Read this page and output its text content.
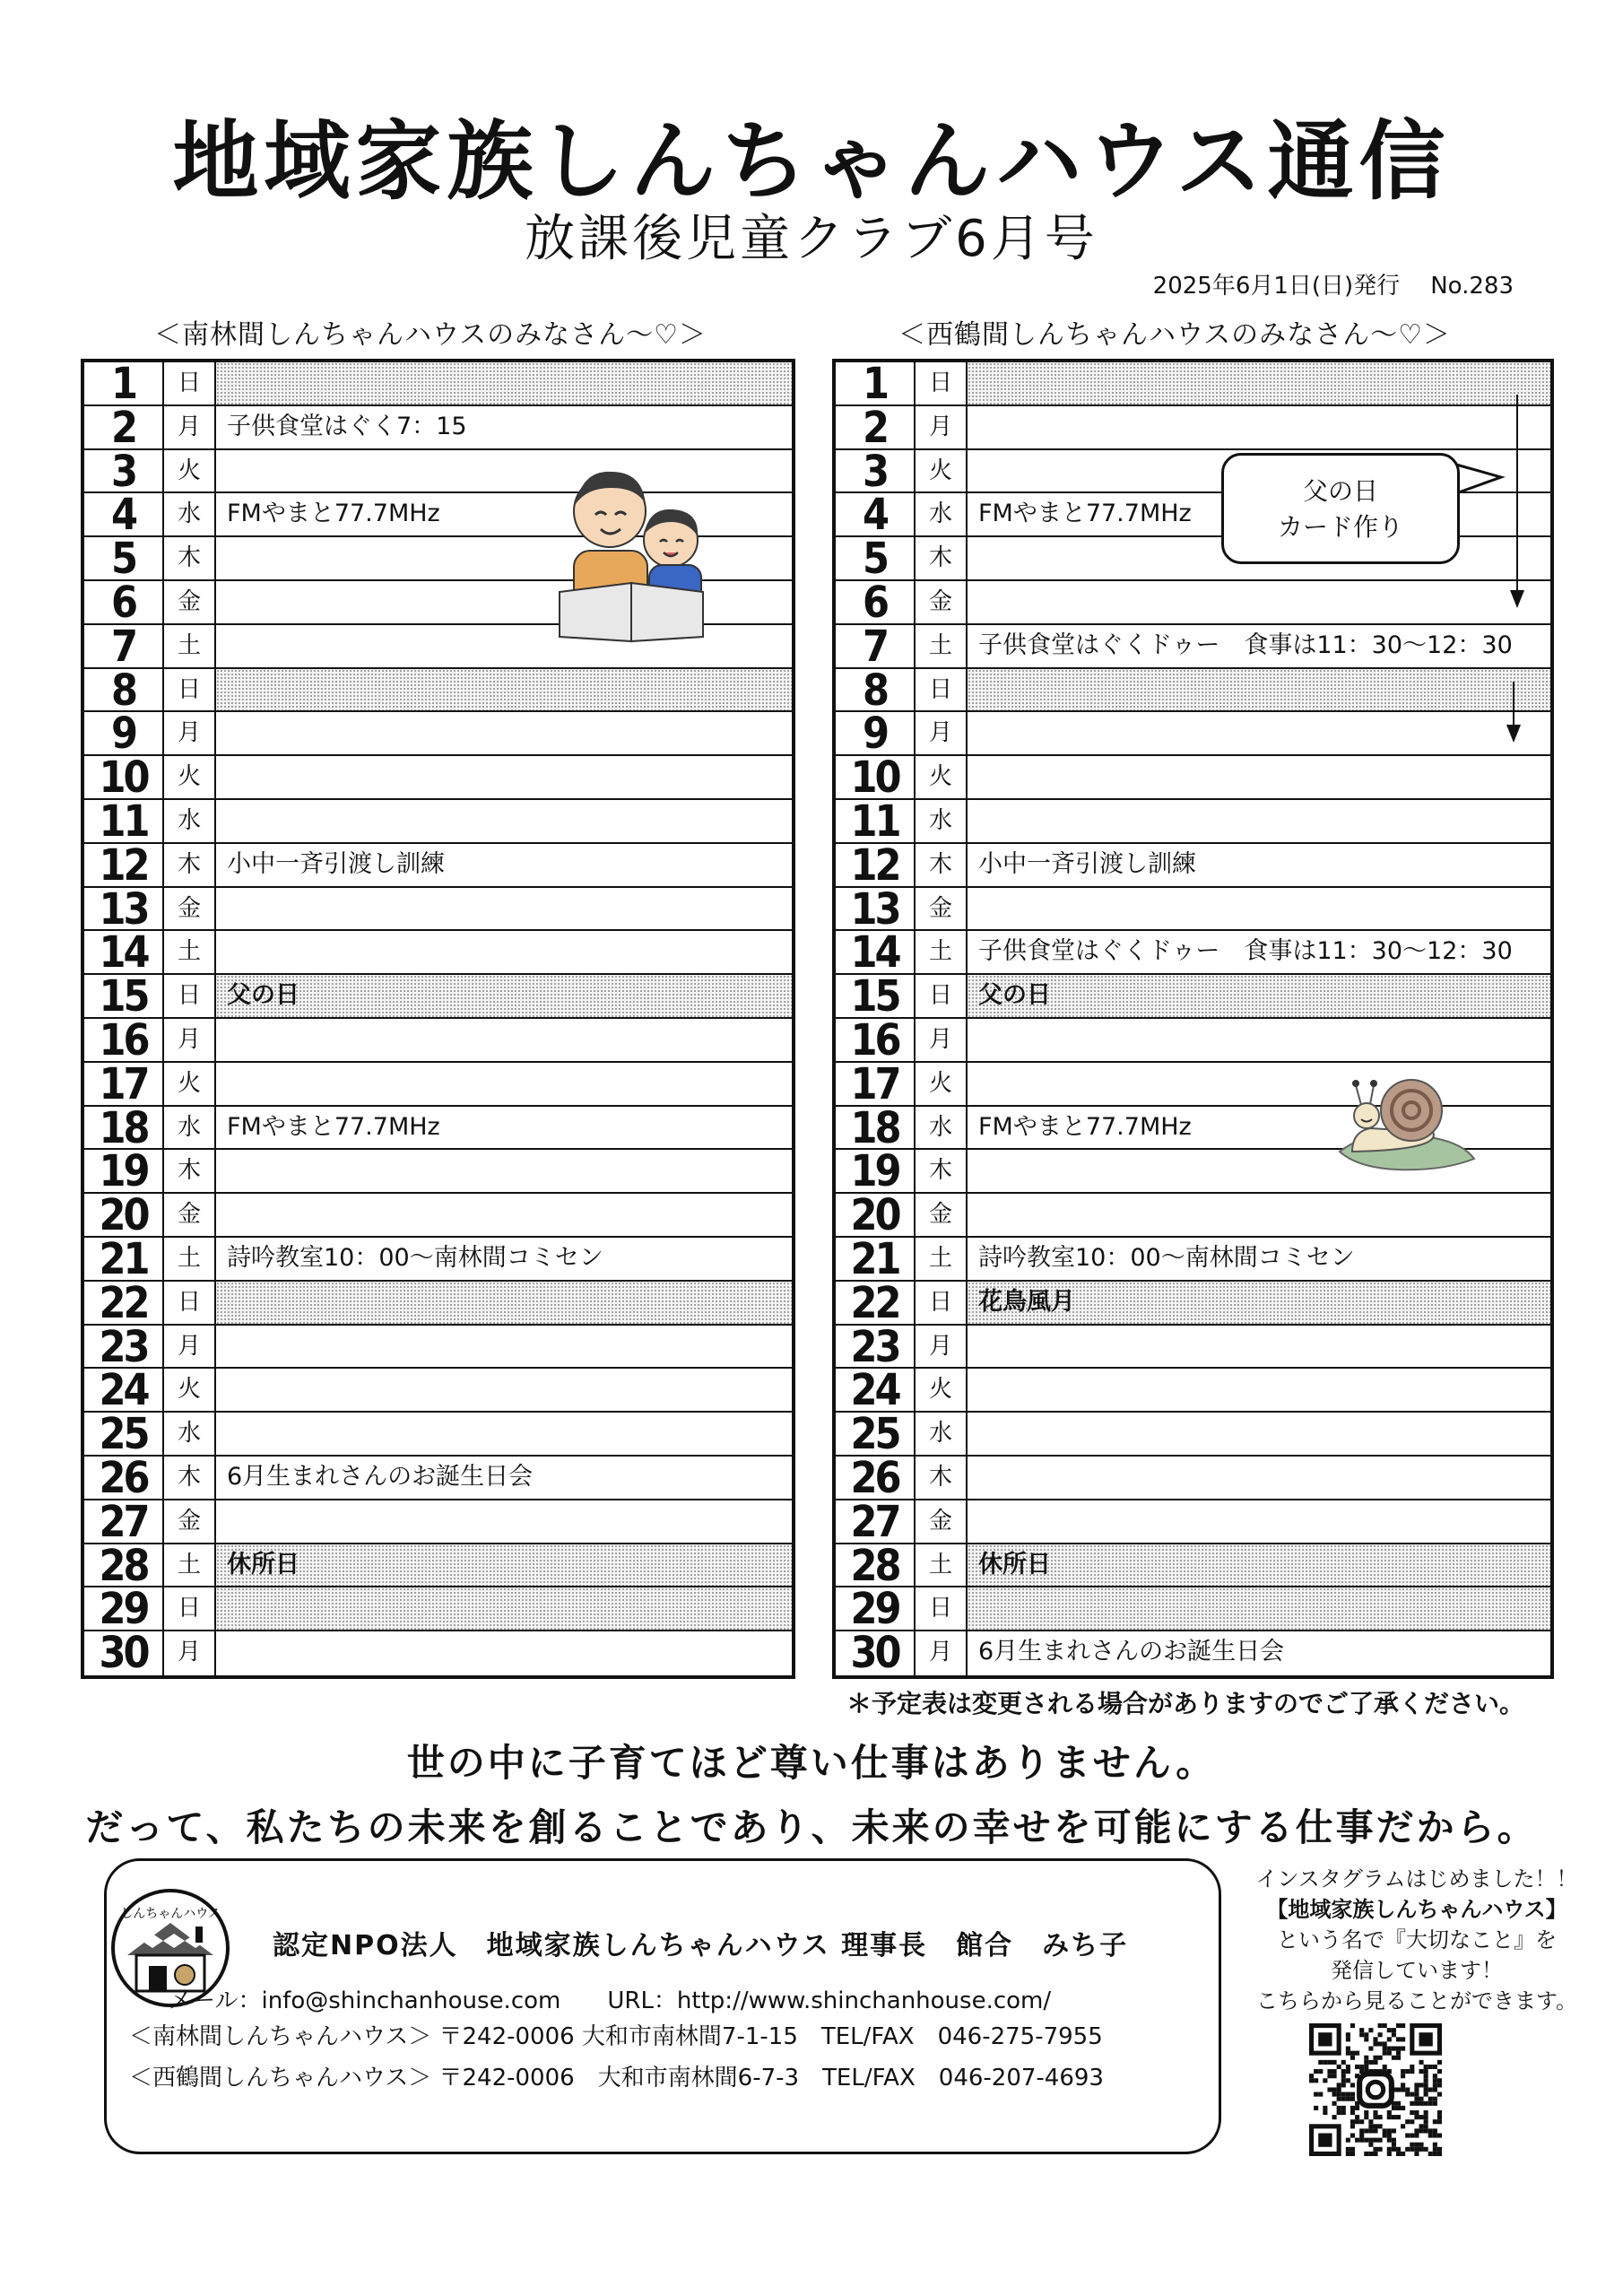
地域家族しんちゃんハウス通信
放課後児童クラブ6月号
2025年6月1日(日)発行 No.283
＜南林間しんちゃんハウスのみなさん〜♡＞	＜西鶴間しんちゃんハウスのみなさん〜♡＞
1	日
2	月	子供食堂はぐく7：15
3	火
4	水	FMやまと77.7MHz
5	木
6	金
7	土
8	日
9	月
10	火
11	水
12	木	小中一斉引渡し訓練
13	金
14	土
15	日	父の日
16	月
17	火
18	水	FMやまと77.7MHz
19	木
20	金
21	土	詩吟教室10：00〜南林間コミセン
22	日
23	月
24	火
25	水
26	木	6月生まれさんのお誕生日会
27	金
28	土	休所日
29	日
30	月
1	日
2	月
3	火
4	水	FMやまと77.7MHz
5	木
6	金
7	土	子供食堂はぐくドゥー　食事は11：30〜12：30
8	日
9	月
10	火
11	水
12	木	小中一斉引渡し訓練
13	金
14	土	子供食堂はぐくドゥー　食事は11：30〜12：30
15	日	父の日
16	月
17	火
18	水	FMやまと77.7MHz
19	木
20	金
21	土	詩吟教室10：00〜南林間コミセン
22	日	花鳥風月
23	月
24	火
25	水
26	木
27	金
28	土	休所日
29	日
30	月	6月生まれさんのお誕生日会
父の日
カード作り
＊予定表は変更される場合がありますのでご了承ください。
世の中に子育てほど尊い仕事はありません。
だって、私たちの未来を創ることであり、未来の幸せを可能にする仕事だから。
しんちゃんハウス
認定NPO法人　地域家族しんちゃんハウス 理事長　館合　みち子
メール：info@shinchanhouse.com　　URL：http://www.shinchanhouse.com/
＜南林間しんちゃんハウス＞ 〒242-0006 大和市南林間7-1-15　TEL/FAX　046-275-7955
＜西鶴間しんちゃんハウス＞ 〒242-0006　大和市南林間6-7-3　TEL/FAX　046-207-4693
インスタグラムはじめました！！
【地域家族しんちゃんハウス】
という名で『大切なこと』を
発信しています！
こちらから見ることができます。
